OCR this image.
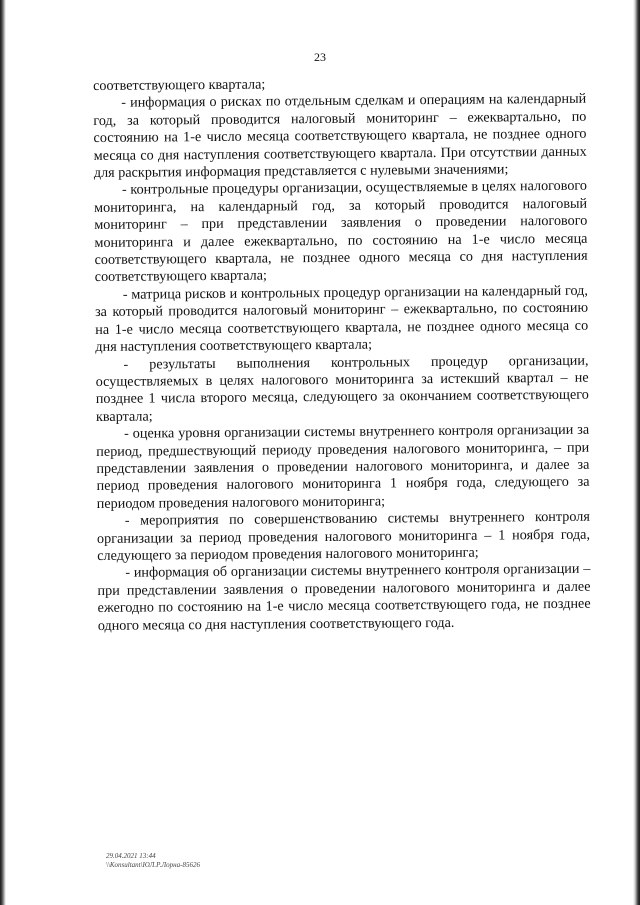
23

соответствующего квартала;

- информация о рисках по отдельным сделкам и операциям на календарный год, за который проводится налоговый мониторинг – ежеквартально, по состоянию на 1-е число месяца соответствующего квартала, не позднее одного месяца со дня наступления соответствующего квартала. При отсутствии данных для раскрытия информация представляется с нулевыми значениями;

- контрольные процедуры организации, осуществляемые в целях налогового мониторинга, на календарный год, за который проводится налоговый мониторинг – при представлении заявления о проведении налогового мониторинга и далее ежеквартально, по состоянию на 1-е число месяца соответствующего квартала, не позднее одного месяца со дня наступления соответствующего квартала;

- матрица рисков и контрольных процедур организации на календарный год, за который проводится налоговый мониторинг – ежеквартально, по состоянию на 1-е число месяца соответствующего квартала, не позднее одного месяца со дня наступления соответствующего квартала;

- результаты выполнения контрольных процедур организации, осуществляемых в целях налогового мониторинга за истекший квартал – не позднее 1 числа второго месяца, следующего за окончанием соответствующего квартала;

- оценка уровня организации системы внутреннего контроля организации за период, предшествующий периоду проведения налогового мониторинга, – при представлении заявления о проведении налогового мониторинга, и далее за период проведения налогового мониторинга 1 ноября года, следующего за периодом проведения налогового мониторинга;

- мероприятия по совершенствованию системы внутреннего контроля организации за период проведения налогового мониторинга – 1 ноября года, следующего за периодом проведения налогового мониторинга;

- информация об организации системы внутреннего контроля организации – при представлении заявления о проведении налогового мониторинга и далее ежегодно по состоянию на 1-е число месяца соответствующего года, не позднее одного месяца со дня наступления соответствующего года.

29.04.2021 13:44
\\Konsultant\ЮЛ.Р.Лорна-85626
